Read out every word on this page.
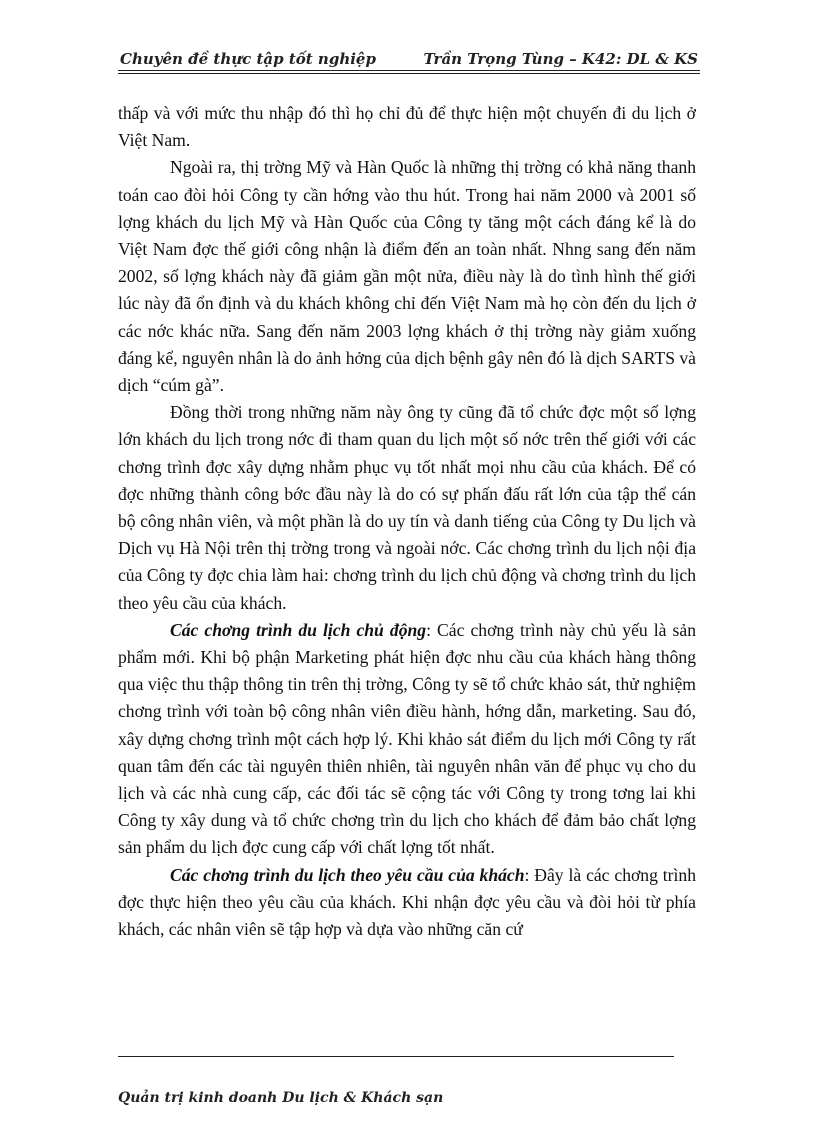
Chuyên đề thực tập tốt nghiệp	Trần Trọng Tùng – K42: DL & KS

thấp và với mức thu nhập đó thì họ chỉ đủ để thực hiện một chuyến đi du lịch ở Việt Nam.

Ngoài ra, thị trờng Mỹ và Hàn Quốc là những thị trờng có khả năng thanh toán cao đòi hỏi Công ty cần hớng vào thu hút. Trong hai năm 2000 và 2001 số lợng khách du lịch Mỹ và Hàn Quốc của Công ty tăng một cách đáng kể là do Việt Nam đợc thế giới công nhận là điểm đến an toàn nhất. Nhng sang đến năm 2002, số lợng khách này đã giảm gần một nửa, điều này là do tình hình thế giới lúc này đã ổn định và du khách không chỉ đến Việt Nam mà họ còn đến du lịch ở các nớc khác nữa. Sang đến năm 2003 lợng khách ở thị trờng này giảm xuống đáng kể, nguyên nhân là do ảnh hởng của dịch bệnh gây nên đó là dịch SARTS và dịch “cúm gà”.

Đồng thời trong những năm này ông ty cũng đã tổ chức đợc một số lợng lớn khách du lịch trong nớc đi tham quan du lịch một số nớc trên thế giới với các chơng trình đợc xây dựng nhằm phục vụ tốt nhất mọi nhu cầu của khách. Để có đợc những thành công bớc đầu này là do có sự phấn đấu rất lớn của tập thể cán bộ công nhân viên, và một phần là do uy tín và danh tiếng của Công ty Du lịch và Dịch vụ Hà Nội trên thị trờng trong và ngoài nớc. Các chơng trình du lịch nội địa của Công ty đợc chia làm hai: chơng trình du lịch chủ động và chơng trình du lịch theo yêu cầu của khách.

Các chơng trình du lịch chủ động: Các chơng trình này chủ yếu là sản phẩm mới. Khi bộ phận Marketing phát hiện đợc nhu cầu của khách hàng thông qua việc thu thập thông tin trên thị trờng, Công ty sẽ tổ chức khảo sát, thử nghiệm chơng trình với toàn bộ công nhân viên điều hành, hớng dẫn, marketing. Sau đó, xây dựng chơng trình một cách hợp lý. Khi khảo sát điểm du lịch mới Công ty rất quan tâm đến các tài nguyên thiên nhiên, tài nguyên nhân văn để phục vụ cho du lịch và các nhà cung cấp, các đối tác sẽ cộng tác với Công ty trong tơng lai khi Công ty xây dung và tổ chức chơng trìn du lịch cho khách để đảm bảo chất lợng sản phẩm du lịch đợc cung cấp với chất lợng tốt nhất.

Các chơng trình du lịch theo yêu cầu của khách: Đây là các chơng trình đợc thực hiện theo yêu cầu của khách. Khi nhận đợc yêu cầu và đòi hỏi từ phía khách, các nhân viên sẽ tập hợp và dựa vào những căn cứ

Quản trị kinh doanh Du lịch & Khách sạn
